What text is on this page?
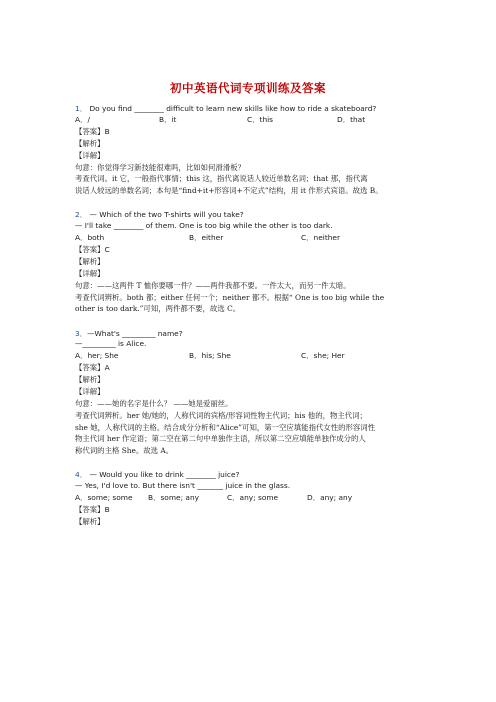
初中英语代词专项训练及答案
1． Do you find ________ difficult to learn new skills like how to ride a skateboard?
A．/	B．it	C．this	D．that
【答案】B
【解析】
【详解】
句意：你觉得学习新技能很难吗，比如如何滑滑板？
考查代词。it 它，一般指代事情；this 这，指代离说话人较近单数名词；that 那，指代离
说话人较远的单数名词；本句是“find+it+形容词+不定式”结构，用 it 作形式宾语。故选 B。
2． — Which of the two T-shirts will you take?
— I'll take ________ of them. One is too big while the other is too dark.
A．both	B．either	C．neither
【答案】C
【解析】
【详解】
句意：——这两件 T 恤你要哪一件？——两件我都不要。一件太大，而另一件太暗。
考查代词辨析。both 都；either 任何一个；neither 都不。根据“ One is too big while the
other is too dark.”可知，两件都不要，故选 C。
3．—What's _________ name?
—_________ is Alice.
A．her; She	B．his; She	C．she; Her
【答案】A
【解析】
【详解】
句意：——她的名字是什么？ ——她是爱丽丝。
考查代词辨析。her 她/她的，人称代词的宾格/形容词性物主代词；his 他的，物主代词；
she 她，人称代词的主格。结合成分分析和“Alice”可知，第一空应填能指代女性的形容词性
物主代词 her 作定语；第二空在第二句中单独作主语，所以第二空应填能单独作成分的人
称代词的主格 She。故选 A。
4． — Would you like to drink ________ juice?
— Yes, I'd love to. But there isn't _______ juice in the glass.
A．some; some	B．some; any	C．any; some	D．any; any
【答案】B
【解析】
